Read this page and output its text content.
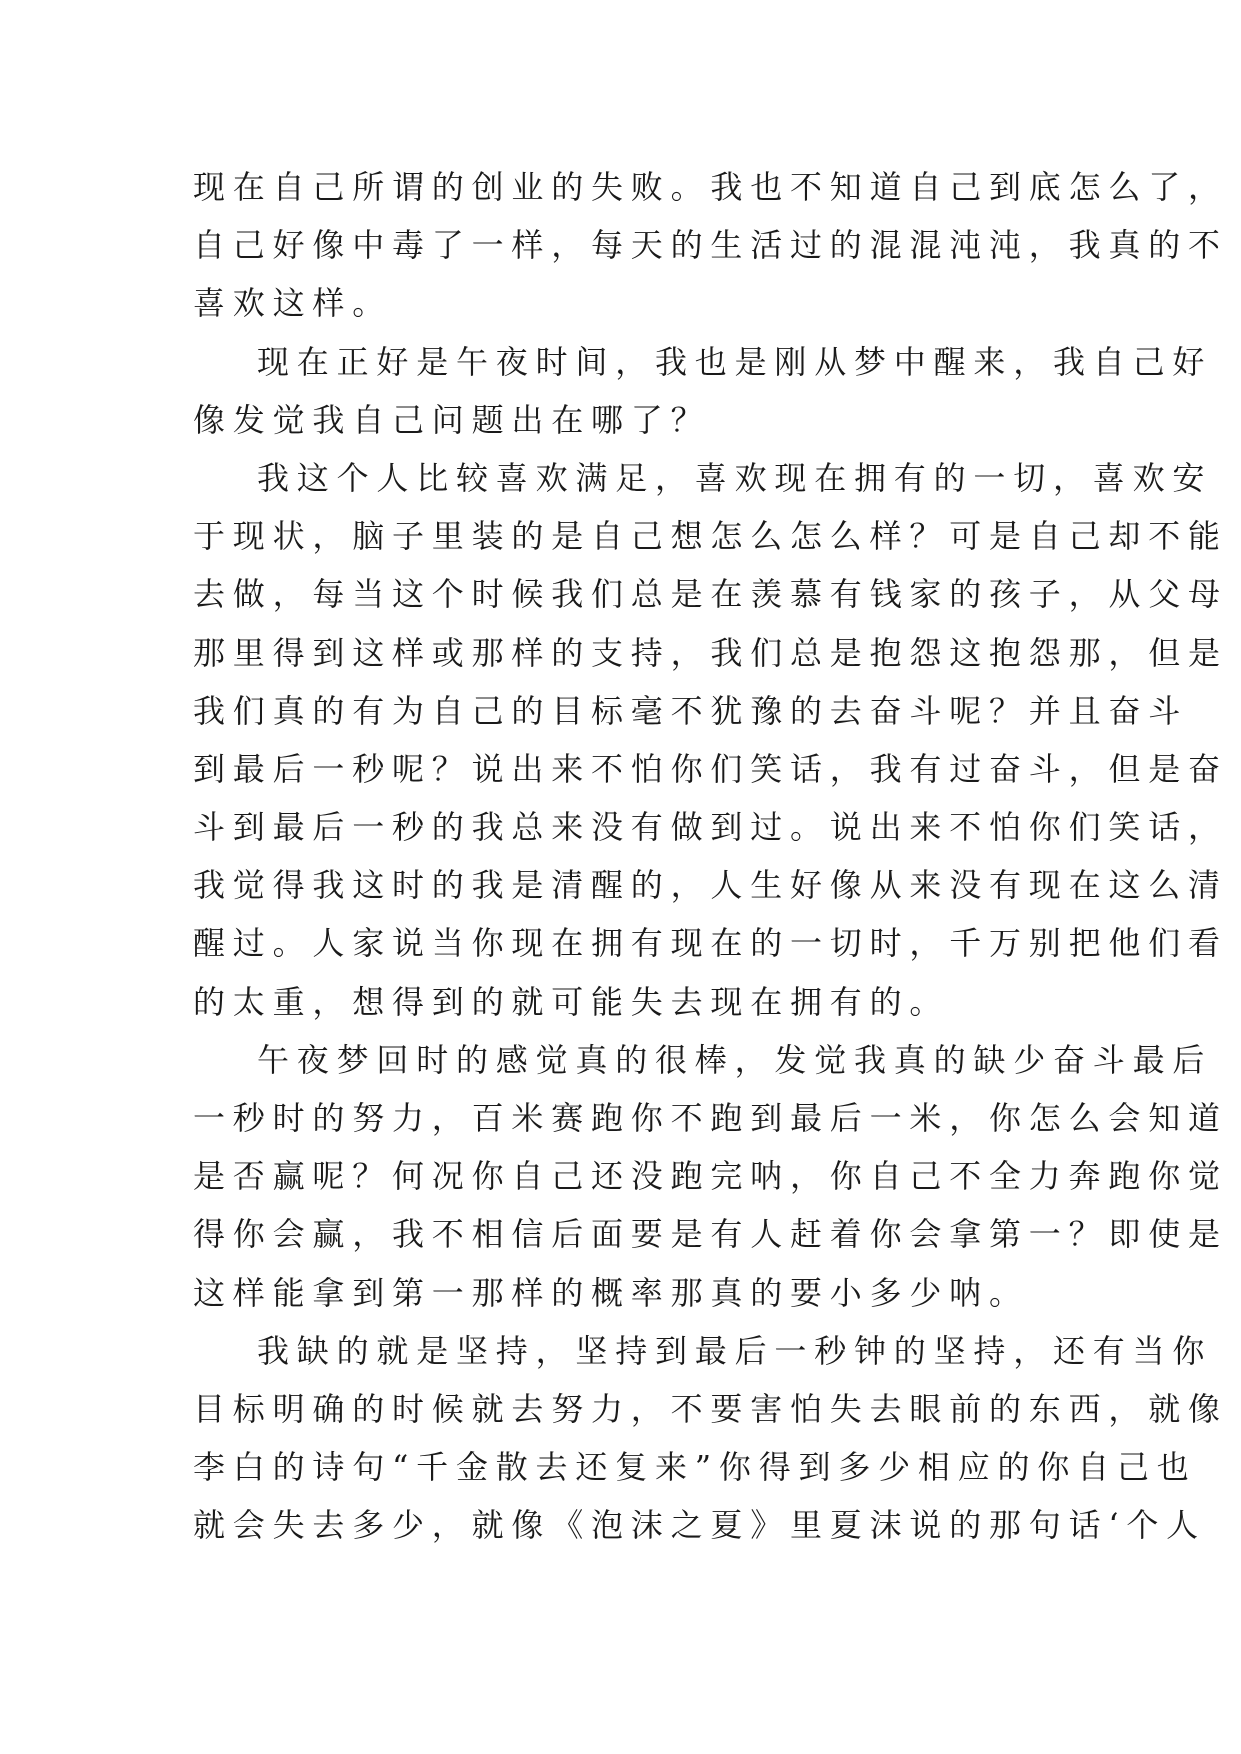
现在自己所谓的创业的失败。我也不知道自己到底怎么了，
自己好像中毒了一样，每天的生活过的混混沌沌，我真的不
喜欢这样。
现在正好是午夜时间，我也是刚从梦中醒来，我自己好
像发觉我自己问题出在哪了？
我这个人比较喜欢满足，喜欢现在拥有的一切，喜欢安
于现状，脑子里装的是自己想怎么怎么样？可是自己却不能
去做，每当这个时候我们总是在羡慕有钱家的孩子，从父母
那里得到这样或那样的支持，我们总是抱怨这抱怨那，但是
我们真的有为自己的目标毫不犹豫的去奋斗呢？并且奋斗
到最后一秒呢？说出来不怕你们笑话，我有过奋斗，但是奋
斗到最后一秒的我总来没有做到过。说出来不怕你们笑话，
我觉得我这时的我是清醒的，人生好像从来没有现在这么清
醒过。人家说当你现在拥有现在的一切时，千万别把他们看
的太重，想得到的就可能失去现在拥有的。
午夜梦回时的感觉真的很棒，发觉我真的缺少奋斗最后
一秒时的努力，百米赛跑你不跑到最后一米，你怎么会知道
是否赢呢？何况你自己还没跑完呐，你自己不全力奔跑你觉
得你会赢，我不相信后面要是有人赶着你会拿第一？即使是
这样能拿到第一那样的概率那真的要小多少呐。
我缺的就是坚持，坚持到最后一秒钟的坚持，还有当你
目标明确的时候就去努力，不要害怕失去眼前的东西，就像
李白的诗句“千金散去还复来”你得到多少相应的你自己也
就会失去多少，就像《泡沫之夏》里夏沫说的那句话‘个人
